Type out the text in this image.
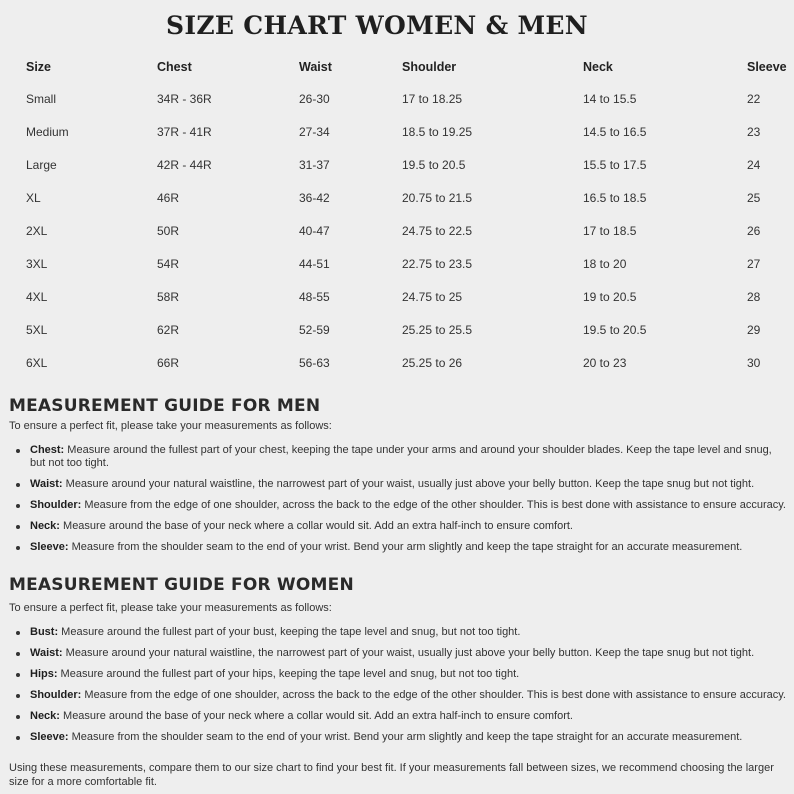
SIZE CHART WOMEN & MEN
Size	Chest	Waist	Shoulder	Neck	Sleeve
Small	34R - 36R	26-30	17 to 18.25	14 to 15.5	22
Medium	37R - 41R	27-34	18.5 to 19.25	14.5 to 16.5	23
Large	42R - 44R	31-37	19.5 to 20.5	15.5 to 17.5	24
XL	46R	36-42	20.75 to 21.5	16.5 to 18.5	25
2XL	50R	40-47	24.75 to 22.5	17 to 18.5	26
3XL	54R	44-51	22.75 to 23.5	18 to 20	27
4XL	58R	48-55	24.75 to 25	19 to 20.5	28
5XL	62R	52-59	25.25 to 25.5	19.5 to 20.5	29
6XL	66R	56-63	25.25 to 26	20 to 23	30
MEASUREMENT GUIDE FOR MEN

To ensure a perfect fit, please take your measurements as follows:

Chest: Measure around the fullest part of your chest, keeping the tape under your arms and around your shoulder blades. Keep the tape level and snug, but not too tight.
Waist: Measure around your natural waistline, the narrowest part of your waist, usually just above your belly button. Keep the tape snug but not tight.
Shoulder: Measure from the edge of one shoulder, across the back to the edge of the other shoulder. This is best done with assistance to ensure accuracy.
Neck: Measure around the base of your neck where a collar would sit. Add an extra half-inch to ensure comfort.
Sleeve: Measure from the shoulder seam to the end of your wrist. Bend your arm slightly and keep the tape straight for an accurate measurement.
MEASUREMENT GUIDE FOR WOMEN

To ensure a perfect fit, please take your measurements as follows:

Bust: Measure around the fullest part of your bust, keeping the tape level and snug, but not too tight.
Waist: Measure around your natural waistline, the narrowest part of your waist, usually just above your belly button. Keep the tape snug but not tight.
Hips: Measure around the fullest part of your hips, keeping the tape level and snug, but not too tight.
Shoulder: Measure from the edge of one shoulder, across the back to the edge of the other shoulder. This is best done with assistance to ensure accuracy.
Neck: Measure around the base of your neck where a collar would sit. Add an extra half-inch to ensure comfort.
Sleeve: Measure from the shoulder seam to the end of your wrist. Bend your arm slightly and keep the tape straight for an accurate measurement.

Using these measurements, compare them to our size chart to find your best fit. If your measurements fall between sizes, we recommend choosing the larger size for a more comfortable fit.
